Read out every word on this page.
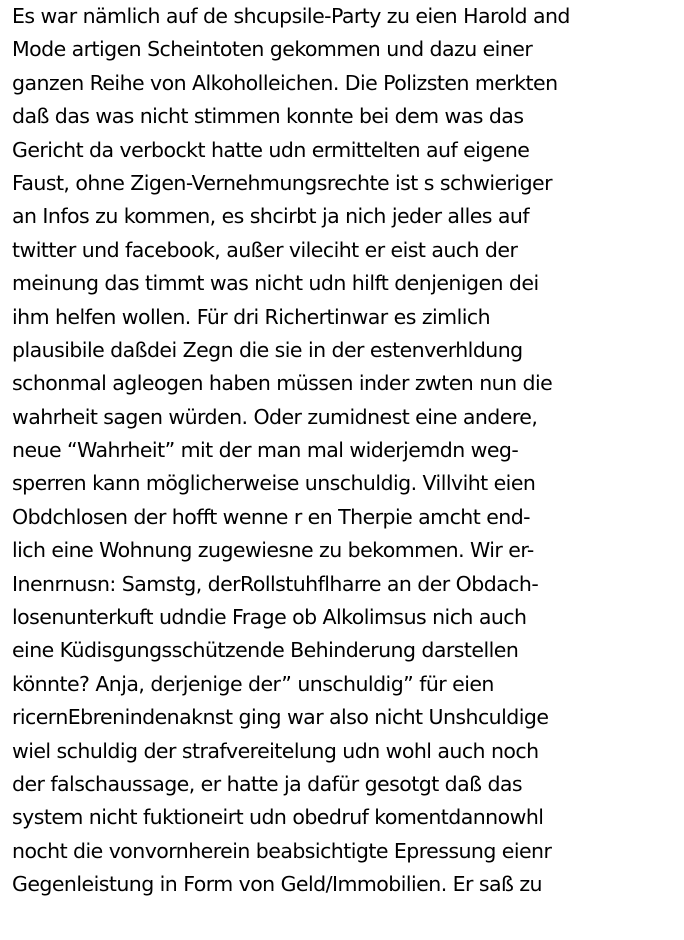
Es war nämlich auf de shcupsile-Party zu eien Harold and
Mode artigen Scheintoten gekommen und dazu einer
ganzen Reihe von Alkoholleichen. Die Polizsten merkten
daß das was nicht stimmen konnte bei dem was das
Gericht da verbockt hatte udn ermittelten auf eigene
Faust, ohne Zigen-Vernehmungsrechte ist s schwieriger
an Infos zu kommen, es shcirbt ja nich jeder alles auf
twitter und facebook, außer vileciht er eist auch der
meinung das timmt was nicht udn hilft denjenigen dei
ihm helfen wollen. Für dri Richertinwar es zimlich
plausibile daßdei Zegn die sie in der estenverhldung
schonmal agleogen haben müssen inder zwten nun die
wahrheit sagen würden. Oder zumidnest eine andere,
neue “Wahrheit” mit der man mal widerjemdn weg-
sperren kann möglicherweise unschuldig. Villviht eien
Obdchlosen der hofft wenne r en Therpie amcht end-
lich eine Wohnung zugewiesne zu bekommen. Wir er-
Inenrnusn: Samstg, derRollstuhflharre an der Obdach-
losenunterkuft udndie Frage ob Alkolimsus nich auch
eine Küdisgungsschützende Behinderung darstellen
könnte? Anja, derjenige der” unschuldig” für eien
ricernEbrenindenaknst ging war also nicht Unshculdige
wiel schuldig der strafvereitelung udn wohl auch noch
der falschaussage, er hatte ja dafür gesotgt daß das
system nicht fuktioneirt udn obedruf komentdannowhl
nocht die vonvornherein beabsichtigte Epressung eienr
Gegenleistung in Form von Geld/Immobilien. Er saß zu
